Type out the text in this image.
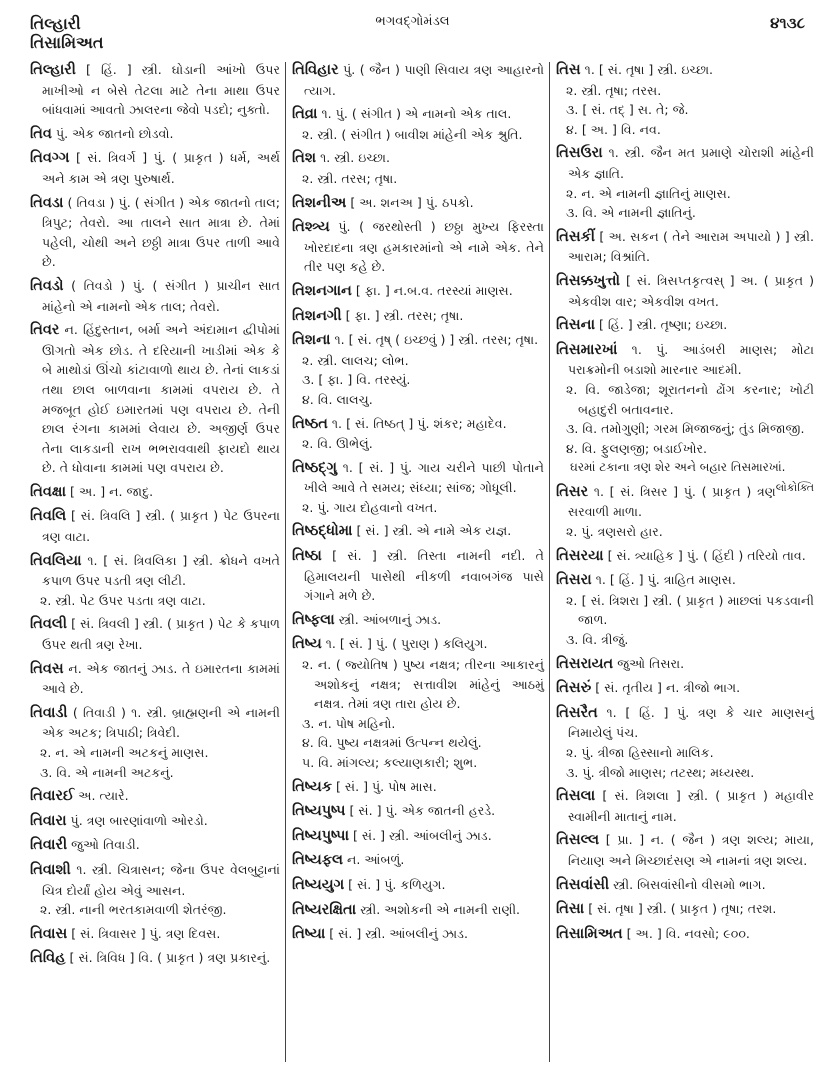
તિલ્હારી
તિસામિઅત
ભગવદ્ગોમંડલ	૪૧૩૮
તિલ્હારી [ હિં. ] સ્ત્રી. ઘોડાની આંખો ઉપર માખીઓ ન બેસે તેટલા માટે તેના માથા ઉપર બાંધવામાં આવતો ઝાલરના જેવો પડદો; નુક્તો.
તિવ પું. એક જાતનો છોડવો.
તિવગ્ગ [ સં. ત્રિવર્ગ ] પું. ( પ્રાકૃત ) ધર્મ, અર્થ અને કામ એ ત્રણ પુરુષાર્થ.
તિવડા ( તિવડા ) પું. ( સંગીત ) એક જાતનો તાલ; ત્રિપુટ; તેવરો. આ તાલને સાત માત્રા છે. તેમાં પહેલી, ચોથી અને છઠ્ઠી માત્રા ઉપર તાળી આવે છે.
તિવડો ( તિવડો ) પું. ( સંગીત ) પ્રાચીન સાત માંહેનો એ નામનો એક તાલ; તેવરો.
તિવર ન. હિંદુસ્તાન, બર્મા અને અંદામાન દ્વીપોમાં ઊગતો એક છોડ. તે દરિયાની ખાડીમાં એક કે બે માથોડાં ઊંચો કાંટાવાળો થાય છે. તેનાં લાકડાં તથા છાલ બાળવાના કામમાં વપરાય છે. તે મજબૂત હોઈ ઇમારતમાં પણ વપરાય છે. તેની છાલ રંગના કામમાં લેવાય છે. અજીર્ણ ઉપર તેના લાકડાની રાખ ભભરાવવાથી ફાયદો થાય છે. તે ધોવાના કામમાં પણ વપરાય છે.
તિવક્ષા [ અ. ] ન. જાદુ.
તિવલિ [ સં. ત્રિવલિ ] સ્ત્રી. ( પ્રાકૃત ) પેટ ઉપરના ત્રણ વાટા.
તિવલિયા ૧. [ સં. ત્રિવલિકા ] સ્ત્રી. ક્રોધને વખતે કપાળ ઉપર પડતી ત્રણ લીટી.
૨. સ્ત્રી. પેટ ઉપર પડતા ત્રણ વાટા.
તિવલી [ સં. ત્રિવલી ] સ્ત્રી. ( પ્રાકૃત ) પેટ કે કપાળ ઉપર થતી ત્રણ રેખા.
તિવસ ન. એક જાતનું ઝાડ. તે ઇમારતના કામમાં આવે છે.
તિવાડી ( તિવાડી ) ૧. સ્ત્રી. બ્રાહ્મણની એ નામની એક અટક; ત્રિપાઠી; ત્રિવેદી.
૨. ન. એ નામની અટકનું માણસ.
૩. વિ. એ નામની અટકનું.
તિવારઈ અ. ત્યારે.
તિવારા પું. ત્રણ બારણાંવાળો ઓરડો.
તિવારી જુઓ તિવાડી.
તિવાશી ૧. સ્ત્રી. ચિત્રાસન; જેના ઉપર વેલબુટ્ટાનાં ચિત્ર દોર્યાં હોય એવું આસન.
૨. સ્ત્રી. નાની ભરતકામવાળી શેતરંજી.
તિવાસ [ સં. ત્રિવાસર ] પું. ત્રણ દિવસ.
તિવિહ [ સં. ત્રિવિધ ] વિ. ( પ્રાકૃત ) ત્રણ પ્રકારનું.
તિવિહાર પું. ( જૈન ) પાણી સિવાય ત્રણ આહારનો ત્યાગ.
તિવ્રા ૧. પું. ( સંગીત ) એ નામનો એક તાલ.
૨. સ્ત્રી. ( સંગીત ) બાવીશ માંહેની એક શ્રુતિ.
તિશ ૧. સ્ત્રી. ઇચ્છા.
૨. સ્ત્રી. તરસ; તૃષા.
તિશનીઅ [ અ. શનઅ ] પું. ઠપકો.
તિશ્ત્ર્ય પું. ( જરથોસ્તી ) છઠ્ઠા મુખ્ય ફિરસ્તા ખોરદાદના ત્રણ હમકારમાંનો એ નામે એક. તેને તીર પણ કહે છે.
તિશનગાન [ ફા. ] ન.બ.વ. તરસ્યાં માણસ.
તિશનગી [ ફા. ] સ્ત્રી. તરસ; તૃષા.
તિશના ૧. [ સં. તૃષ્ ( ઇચ્છવું ) ] સ્ત્રી. તરસ; તૃષા.
૨. સ્ત્રી. લાલચ; લોભ.
૩. [ ફા. ] વિ. તરસ્યું.
૪. વિ. લાલચુ.
તિષ્ઠત ૧. [ સં. તિષ્ઠત્ ] પું. શંકર; મહાદેવ.
૨. વિ. ઊભેલું.
તિષ્ઠદ્ગુ ૧. [ સં. ] પું. ગાય ચરીને પાછી પોતાને ખીલે આવે તે સમય; સંધ્યા; સાંજ; ગોધૂલી.
૨. પું. ગાય દોહવાનો વખત.
તિષ્ઠદ્ધોમા [ સં. ] સ્ત્રી. એ નામે એક યજ્ઞ.
તિષ્ઠા [ સં. ] સ્ત્રી. તિસ્તા નામની નદી. તે હિમાલયની પાસેથી નીકળી નવાબગંજ પાસે ગંગાને મળે છે.
તિષ્ફલા સ્ત્રી. આંબળાનું ઝાડ.
તિષ્ય ૧. [ સં. ] પું. ( પુરાણ ) કલિયુગ.
૨. ન. ( જ્યોતિષ ) પુષ્ય નક્ષત્ર; તીરના આકારનું અશોકનું નક્ષત્ર; સત્તાવીશ માંહેનું આઠમું નક્ષત્ર. તેમાં ત્રણ તારા હોય છે.
૩. ન. પોષ મહિનો.
૪. વિ. પુષ્ય નક્ષત્રમાં ઉત્પન્ન થયેલું.
૫. વિ. માંગલ્ય; કલ્યાણકારી; શુભ.
તિષ્યક [ સં. ] પું. પોષ માસ.
તિષ્યપુષ્પ [ સં. ] પું. એક જાતની હરડે.
તિષ્યપુષ્પા [ સં. ] સ્ત્રી. આંબલીનું ઝાડ.
તિષ્યફલ ન. આંબળું.
તિષ્યયુગ [ સં. ] પું. કળિયુગ.
તિષ્યરક્ષિતા સ્ત્રી. અશોકની એ નામની રાણી.
તિષ્યા [ સં. ] સ્ત્રી. આંબલીનું ઝાડ.
તિસ ૧. [ સં. તૃષા ] સ્ત્રી. ઇચ્છા.
૨. સ્ત્રી. તૃષા; તરસ.
૩. [ સં. તદ્ ] સ. તે; જે.
૪. [ અ. ] વિ. નવ.
તિસઉરા ૧. સ્ત્રી. જૈન મત પ્રમાણે ચોરાશી માંહેની એક જ્ઞાતિ.
૨. ન. એ નામની જ્ઞાતિનું માણસ.
૩. વિ. એ નામની જ્ઞાતિનું.
તિસકીં [ અ. સકન ( તેને આરામ અપાયો ) ] સ્ત્રી. આરામ; વિશ્રાંતિ.
તિસક્કખુત્તો [ સં. ત્રિસપ્તકૃત્વસ્ ] અ. ( પ્રાકૃત ) એકવીશ વાર; એકવીશ વખત.
તિસના [ હિં. ] સ્ત્રી. તૃષ્ણા; ઇચ્છા.
તિસમારખાં ૧. પું. આડંબરી માણસ; મોટા પરાક્રમોની બડાશો મારનાર આદમી.
૨. વિ. જાડેજા; શૂરાતનનો ઢોંગ કરનાર; ખોટી બહાદુરી બતાવનાર.
૩. વિ. તમોગુણી; ગરમ મિજાજનું; તુંડ મિજાજી.
૪. વિ. ફુલણજી; બડાઈખોર.
ઘરમાં ટકાના ત્રણ શેર અને બહાર તિસમારખાં.

લોકોક્તિ
તિસર ૧. [ સં. ત્રિસર ] પું. ( પ્રાકૃત ) ત્રણ સરવાળી માળા.
૨. પું. ત્રણસરો હાર.
તિસરયા [ સં. ત્ર્યાહિક ] પું. ( હિંદી ) તરિયો તાવ.
તિસરા ૧. [ હિં. ] પું. ત્રાહિત માણસ.
૨. [ સં. ત્રિશરા ] સ્ત્રી. ( પ્રાકૃત ) માછલાં પકડવાની જાળ.
૩. વિ. ત્રીજું.
તિસરાયત જુઓ તિસરા.
તિસરું [ સં. તૃતીય ] ન. ત્રીજો ભાગ.
તિસરૈત ૧. [ હિં. ] પું. ત્રણ કે ચાર માણસનું નિમાયેલું પંચ.
૨. પું. ત્રીજા હિસ્સાનો માલિક.
૩. પું. ત્રીજો માણસ; તટસ્થ; મધ્યસ્થ.
તિસલા [ સં. ત્રિશલા ] સ્ત્રી. ( પ્રાકૃત ) મહાવીર સ્વામીની માતાનું નામ.
તિસલ્લ [ પ્રા. ] ન. ( જૈન ) ત્રણ શલ્ય; માયા, નિયાણ અને મિચ્છાદંસણ એ નામનાં ત્રણ શલ્ય.
તિસવાંસી સ્ત્રી. બિસવાંસીનો વીસમો ભાગ.
તિસા [ સં. તૃષા ] સ્ત્રી. ( પ્રાકૃત ) તૃષા; તરશ.
તિસામિઅત [ અ. ] વિ. નવસો; ૯૦૦.
